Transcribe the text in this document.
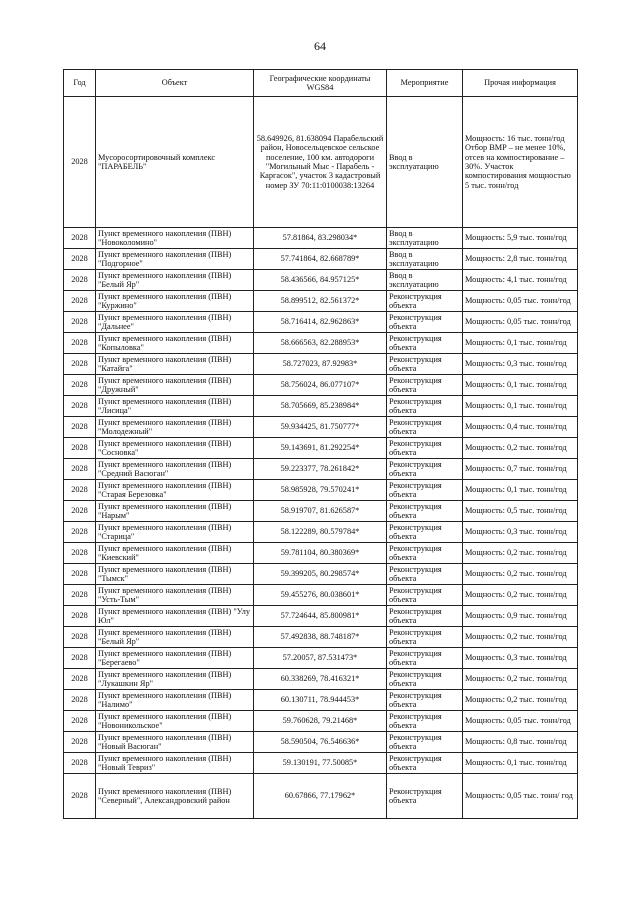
64
Год	Объект	Географические координаты WGS84	Мероприятие	Прочая информация
2028	Мусоросортировочный комплекс "ПАРАБЕЛЬ"	58.649926, 81.638094 Парабельский район, Новосельцевское сельское поселение, 100 км. автодороги "Могильный Мыс - Парабель - Каргасок", участок 3 кадастровый номер ЗУ 70:11:0100038:13264	Ввод в эксплуатацию	Мощность: 16 тыс. тонн/год Отбор ВМР – не менее 10%, отсев на компостирование – 30%. Участок компостирования мощностью 5 тыс. тонн/год
2028	Пункт временного накопления (ПВН) "Новоколомино"	57.81864, 83.298034*	Ввод в эксплуатацию	Мощность: 5,9 тыс. тонн/год
2028	Пункт временного накопления (ПВН) "Подгорное"	57.741864, 82.668789*	Ввод в эксплуатацию	Мощность: 2,8 тыс. тонн/год
2028	Пункт временного накопления (ПВН) "Белый Яр"	58.436566, 84.957125*	Ввод в эксплуатацию	Мощность: 4,1 тыс. тонн/год
2028	Пункт временного накопления (ПВН) "Куржино"	58.899512, 82.561372*	Реконструкция объекта	Мощность: 0,05 тыс. тонн/год
2028	Пункт временного накопления (ПВН) "Дальнее"	58.716414, 82.962863*	Реконструкция объекта	Мощность: 0,05 тыс. тонн/год
2028	Пункт временного накопления (ПВН) "Копыловка"	58.666563, 82.288953*	Реконструкция объекта	Мощность: 0,1 тыс. тонн/год
2028	Пункт временного накопления (ПВН) "Катайга"	58.727023, 87.92983*	Реконструкция объекта	Мощность: 0,3 тыс. тонн/год
2028	Пункт временного накопления (ПВН) "Дружный"	58.756024, 86.077107*	Реконструкция объекта	Мощность: 0,1 тыс. тонн/год
2028	Пункт временного накопления (ПВН) "Лисица"	58.705669, 85.238984*	Реконструкция объекта	Мощность: 0,1 тыс. тонн/год
2028	Пункт временного накопления (ПВН) "Молодежный"	59.934425, 81.750777*	Реконструкция объекта	Мощность: 0,4 тыс. тонн/год
2028	Пункт временного накопления (ПВН) "Сосновка"	59.143691, 81.292254*	Реконструкция объекта	Мощность: 0,2 тыс. тонн/год
2028	Пункт временного накопления (ПВН) "Средний Васюган"	59.223377, 78.261842*	Реконструкция объекта	Мощность: 0,7 тыс. тонн/год
2028	Пункт временного накопления (ПВН) "Старая Березовка"	58.985928, 79.570241*	Реконструкция объекта	Мощность: 0,1 тыс. тонн/год
2028	Пункт временного накопления (ПВН) "Нарым"	58.919707, 81.626587*	Реконструкция объекта	Мощность: 0,5 тыс. тонн/год
2028	Пункт временного накопления (ПВН) "Старица"	58.122289, 80.579784*	Реконструкция объекта	Мощность: 0,3 тыс. тонн/год
2028	Пункт временного накопления (ПВН) "Киевский"	59.781104, 80.380369*	Реконструкция объекта	Мощность: 0,2 тыс. тонн/год
2028	Пункт временного накопления (ПВН) "Тымск"	59.399205, 80.298574*	Реконструкция объекта	Мощность: 0,2 тыс. тонн/год
2028	Пункт временного накопления (ПВН) "Усть-Тым"	59.455276, 80.038601*	Реконструкция объекта	Мощность: 0,2 тыс. тонн/год
2028	Пункт временного накопления (ПВН) "Улу Юл"	57.724644, 85.800981*	Реконструкция объекта	Мощность: 0,9 тыс. тонн/год
2028	Пункт временного накопления (ПВН) "Белый Яр"	57.492838, 88.748187*	Реконструкция объекта	Мощность: 0,2 тыс. тонн/год
2028	Пункт временного накопления (ПВН) "Берегаево"	57.20057, 87.531473*	Реконструкция объекта	Мощность: 0,3 тыс. тонн/год
2028	Пункт временного накопления (ПВН) "Лукашкин Яр"	60.338269, 78.416321*	Реконструкция объекта	Мощность: 0,2 тыс. тонн/год
2028	Пункт временного накопления (ПВН) "Налимо"	60.130711, 78.944453*	Реконструкция объекта	Мощность: 0,2 тыс. тонн/год
2028	Пункт временного накопления (ПВН) "Новоникольское"	59.760628, 79.21468*	Реконструкция объекта	Мощность: 0,05 тыс. тонн/год
2028	Пункт временного накопления (ПВН) "Новый Васюган"	58.590504, 76.546636*	Реконструкция объекта	Мощность: 0,8 тыс. тонн/год
2028	Пункт временного накопления (ПВН) "Новый Тевриз"	59.130191, 77.50085*	Реконструкция объекта	Мощность: 0,1 тыс. тонн/год
2028	Пункт временного накопления (ПВН) "Северный", Александровский район	60.67866, 77.17962*	Реконструкция объекта	Мощность: 0,05 тыс. тонн/ год
